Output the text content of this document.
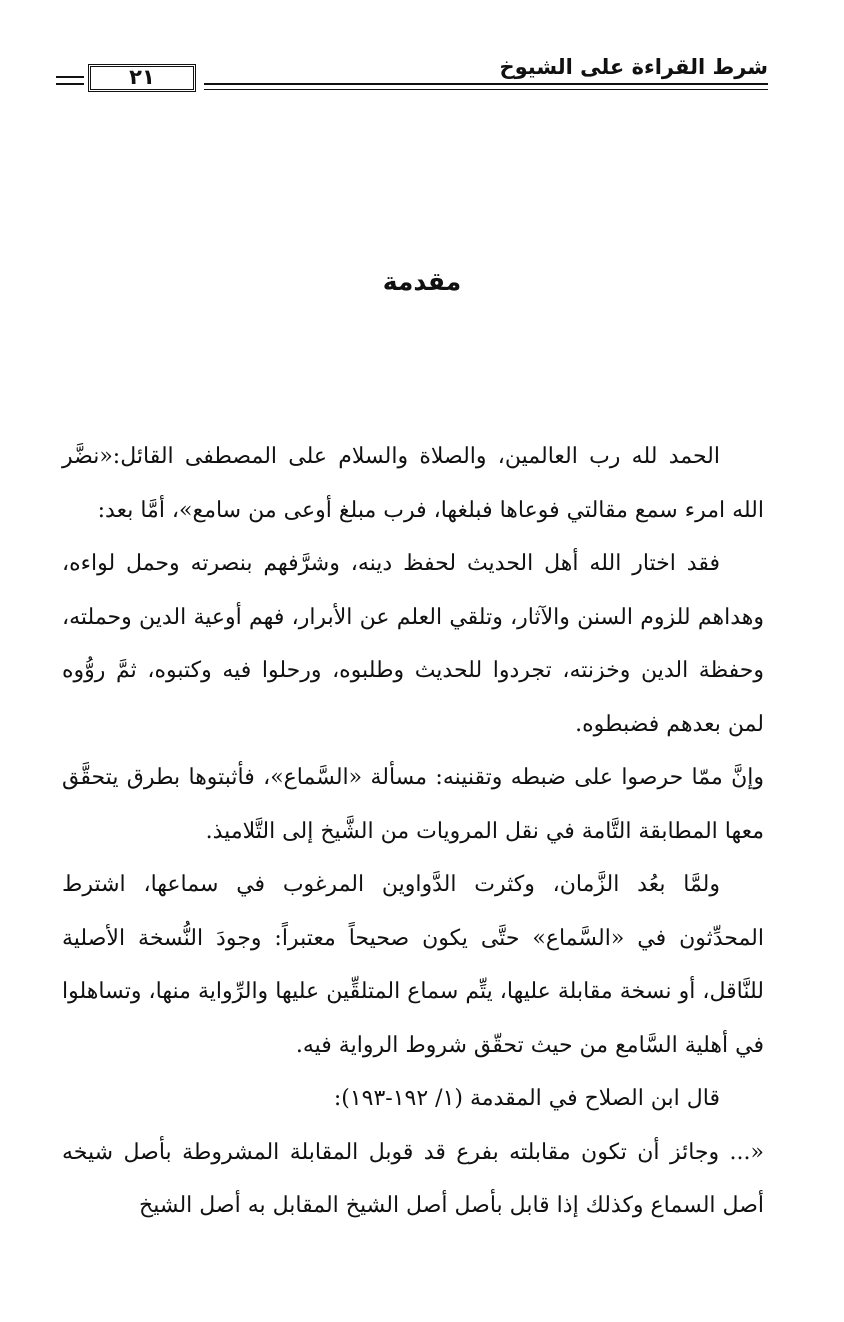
شرط القراءة على الشيوخ
٢١
مقدمة

الحمد لله رب العالمين، والصلاة والسلام على المصطفى القائل:«نضَّر الله امرء سمع مقالتي فوعاها فبلغها، فرب مبلغ أوعى من سامع»، أمَّا بعد:

فقد اختار الله أهل الحديث لحفظ دينه، وشرَّفهم بنصرته وحمل لواءه، وهداهم للزوم السنن والآثار، وتلقي العلم عن الأبرار، فهم أوعية الدين وحملته، وحفظة الدين وخزنته، تجردوا للحديث وطلبوه، ورحلوا فيه وكتبوه، ثمَّ روُّوه لمن بعدهم فضبطوه.

وإنَّ ممّا حرصوا على ضبطه وتقنينه: مسألة «السَّماع»، فأثبتوها بطرق يتحقَّق معها المطابقة التَّامة في نقل المرويات من الشَّيخ إلى التَّلاميذ.

ولمَّا بعُد الزَّمان، وكثرت الدَّواوين المرغوب في سماعها، اشترط المحدِّثون في «السَّماع» حتَّى يكون صحيحاً معتبراً: وجودَ النُّسخة الأصلية للنَّاقل، أو نسخة مقابلة عليها، يتِّم سماع المتلقِّين عليها والرِّواية منها، وتساهلوا في أهلية السَّامع من حيث تحقّق شروط الرواية فيه.

قال ابن الصلاح في المقدمة (١/ ١٩٢-١٩٣):

«... وجائز أن تكون مقابلته بفرع قد قوبل المقابلة المشروطة بأصل شيخه أصل السماع وكذلك إذا قابل بأصل أصل الشيخ المقابل به أصل الشيخ
